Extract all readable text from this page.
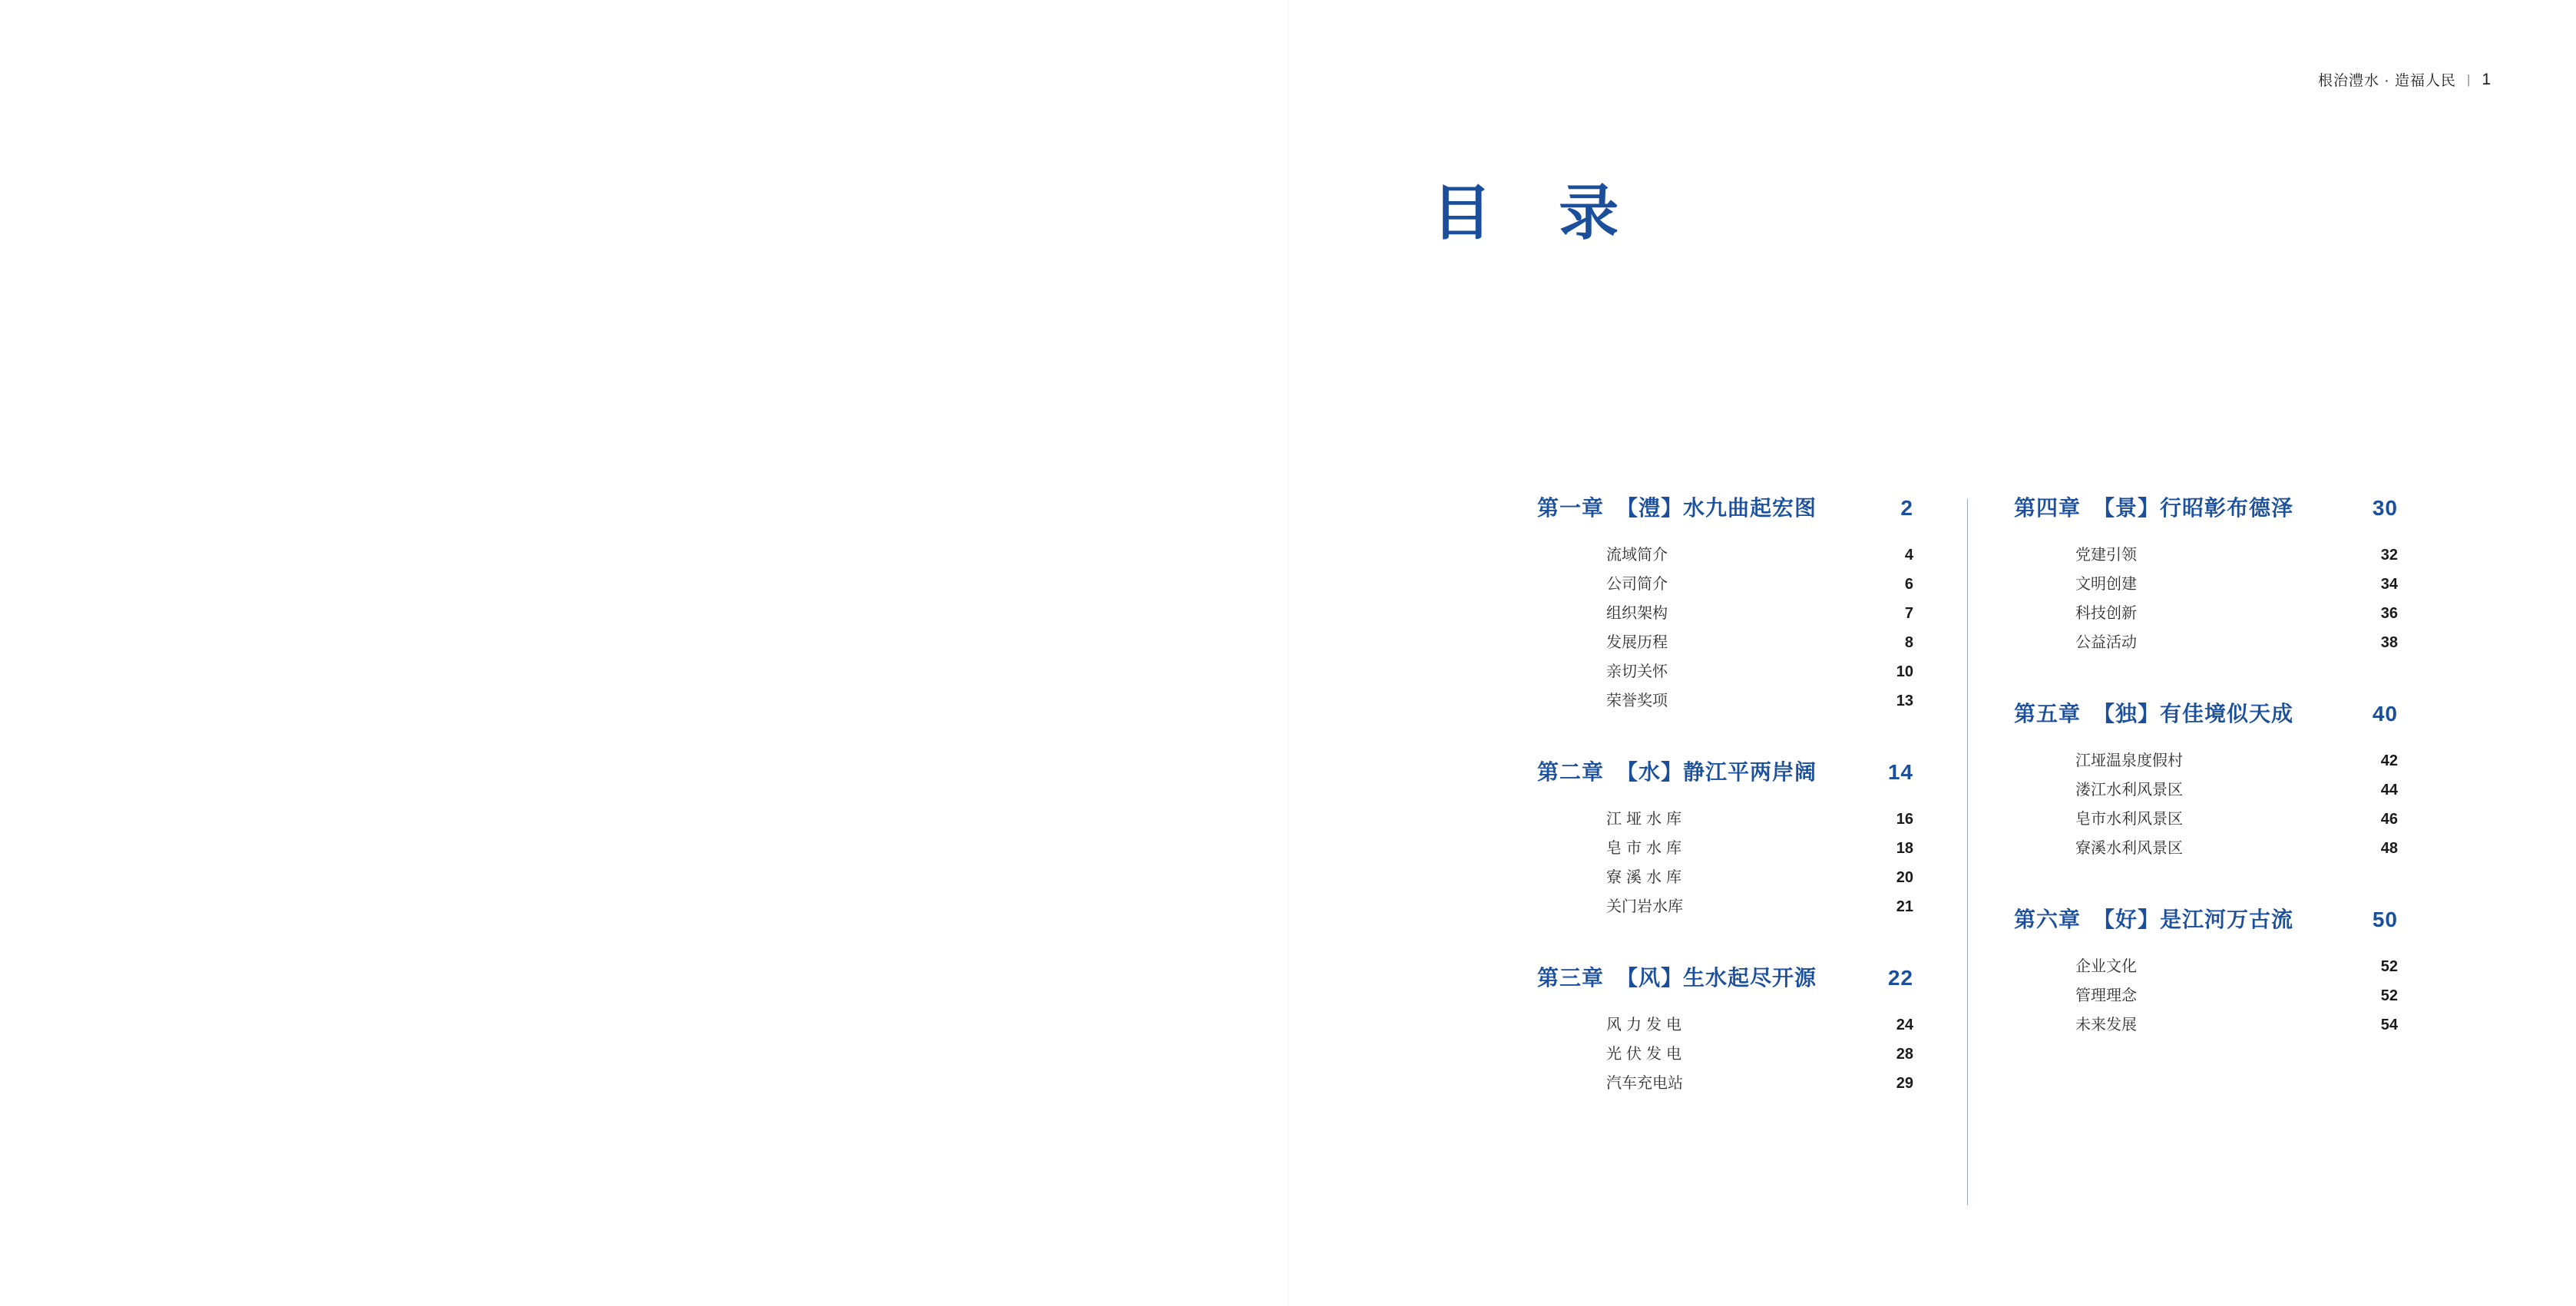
根治澧水 · 造福人民 | 1
目 录
第一章 【澧】水九曲起宏图	2
流域简介	4
公司简介	6
组织架构	7
发展历程	8
亲切关怀	10
荣誉奖项	13
第二章 【水】静江平两岸阔	14
江垭水库	16
皂市水库	18
寮溪水库	20
关门岩水库	21
第三章 【风】生水起尽开源	22
风力发电	24
光伏发电	28
汽车充电站	29
第四章 【景】行昭彰布德泽	30
党建引领	32
文明创建	34
科技创新	36
公益活动	38
第五章 【独】有佳境似天成	40
江垭温泉度假村	42
溇江水利风景区	44
皂市水利风景区	46
寮溪水利风景区	48
第六章 【好】是江河万古流	50
企业文化	52
管理理念	52
未来发展	54
